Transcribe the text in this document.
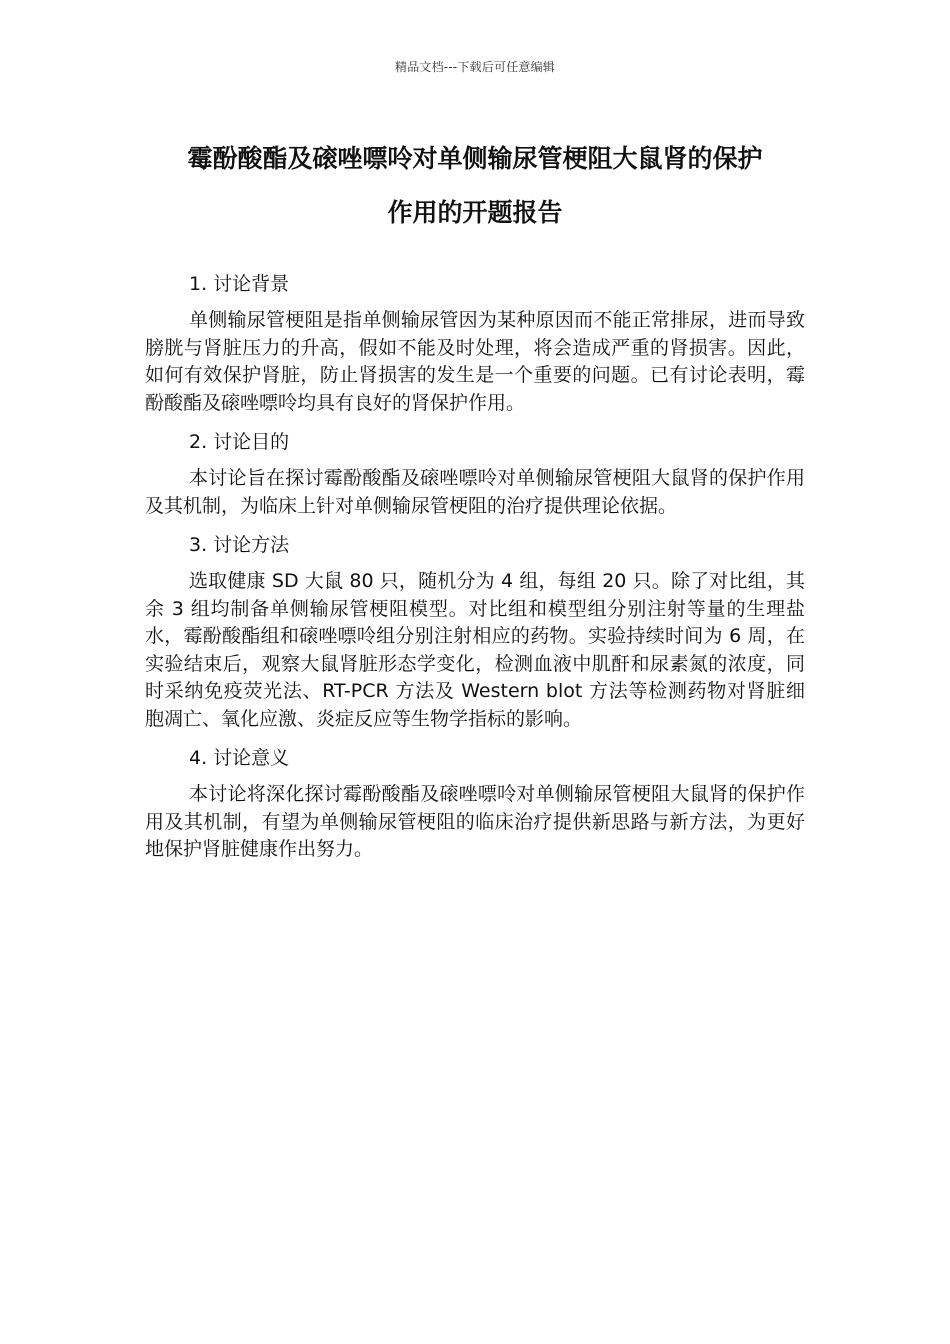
精品文档---下载后可任意编辑
霉酚酸酯及磙唑嘌呤对单侧输尿管梗阻大鼠肾的保护
作用的开题报告

1. 讨论背景

单侧输尿管梗阻是指单侧输尿管因为某种原因而不能正常排尿，进而导致膀胱与肾脏压力的升高，假如不能及时处理，将会造成严重的肾损害。因此，如何有效保护肾脏，防止肾损害的发生是一个重要的问题。已有讨论表明，霉酚酸酯及磙唑嘌呤均具有良好的肾保护作用。

2. 讨论目的

本讨论旨在探讨霉酚酸酯及磙唑嘌呤对单侧输尿管梗阻大鼠肾的保护作用及其机制，为临床上针对单侧输尿管梗阻的治疗提供理论依据。

3. 讨论方法

选取健康 SD 大鼠 80 只，随机分为 4 组，每组 20 只。除了对比组，其余 3 组均制备单侧输尿管梗阻模型。对比组和模型组分别注射等量的生理盐水，霉酚酸酯组和磙唑嘌呤组分别注射相应的药物。实验持续时间为 6 周，在实验结束后，观察大鼠肾脏形态学变化，检测血液中肌酐和尿素氮的浓度，同时采纳免疫荧光法、RT-PCR 方法及 Western blot 方法等检测药物对肾脏细胞凋亡、氧化应激、炎症反应等生物学指标的影响。

4. 讨论意义

本讨论将深化探讨霉酚酸酯及磙唑嘌呤对单侧输尿管梗阻大鼠肾的保护作用及其机制，有望为单侧输尿管梗阻的临床治疗提供新思路与新方法，为更好地保护肾脏健康作出努力。
